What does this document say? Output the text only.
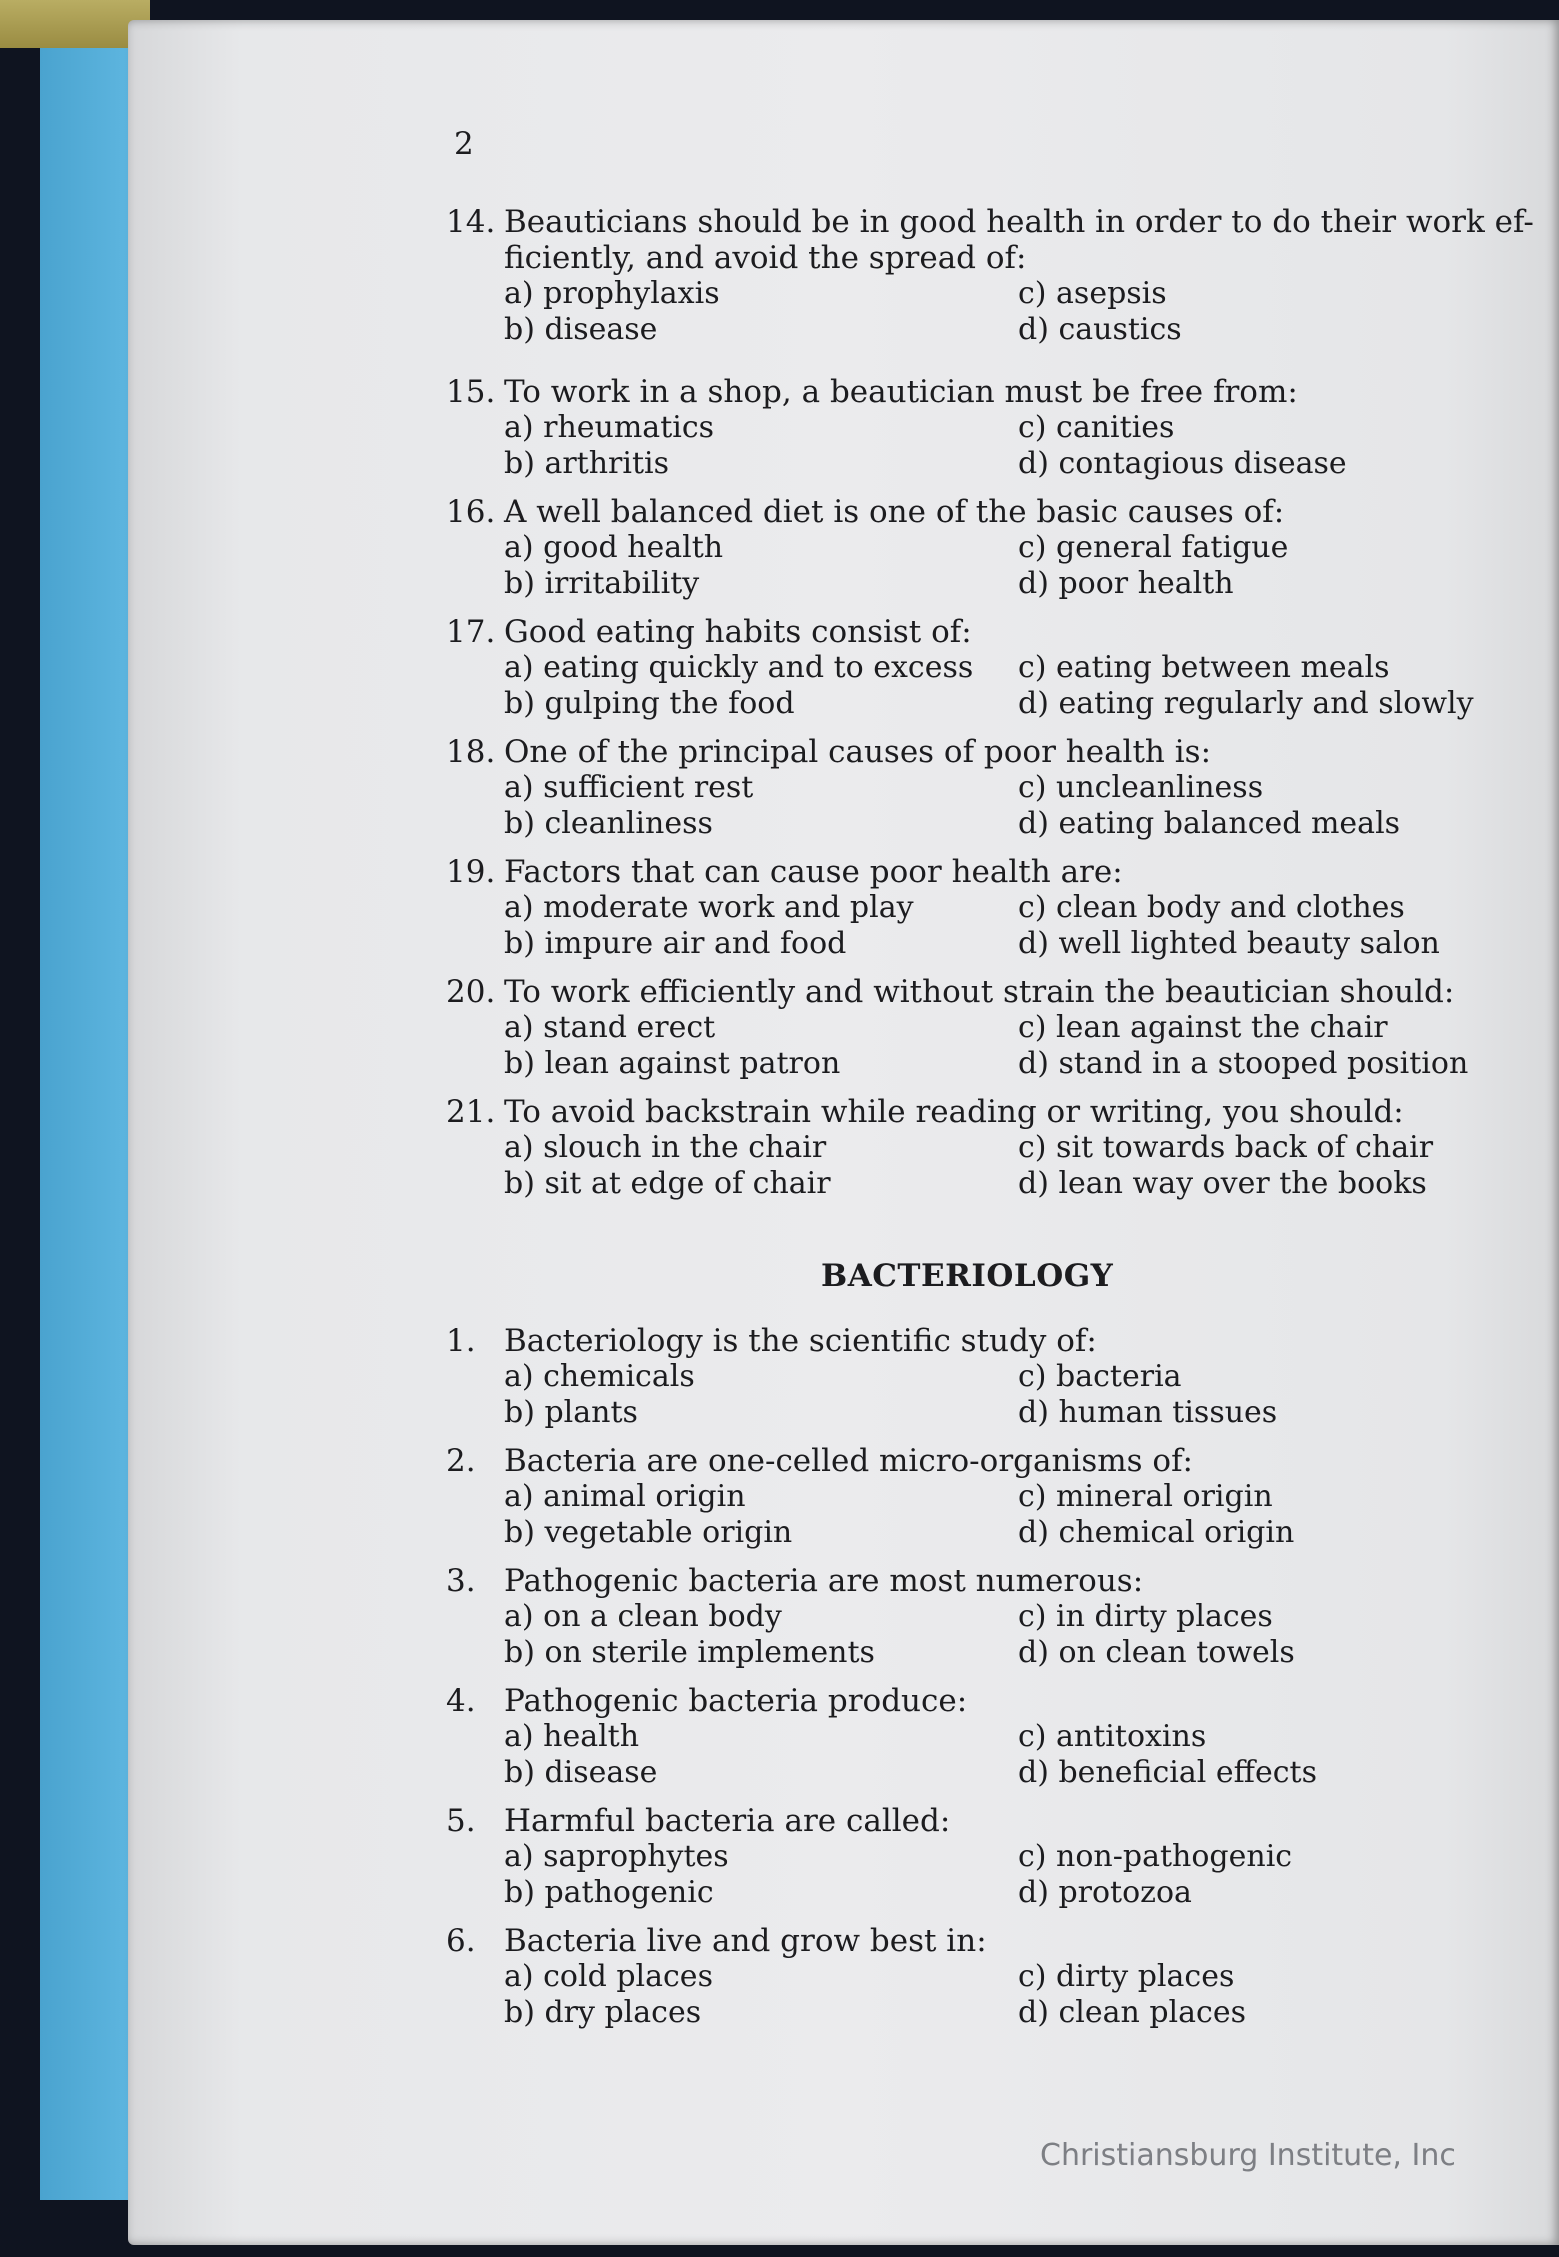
2
14. Beauticians should be in good health in order to do their work ef-
ficiently, and avoid the spread of:
a) prophylaxis
b) disease
c) asepsis
d) caustics
15. To work in a shop, a beautician must be free from:
a) rheumatics
b) arthritis
c) canities
d) contagious disease
16. A well balanced diet is one of the basic causes of:
a) good health
b) irritability
c) general fatigue
d) poor health
17. Good eating habits consist of:
a) eating quickly and to excess
b) gulping the food
c) eating between meals
d) eating regularly and slowly
18. One of the principal causes of poor health is:
a) sufficient rest
b) cleanliness
c) uncleanliness
d) eating balanced meals
19. Factors that can cause poor health are:
a) moderate work and play
b) impure air and food
c) clean body and clothes
d) well lighted beauty salon
20. To work efficiently and without strain the beautician should:
a) stand erect
b) lean against patron
c) lean against the chair
d) stand in a stooped position
21. To avoid backstrain while reading or writing, you should:
a) slouch in the chair
b) sit at edge of chair
c) sit towards back of chair
d) lean way over the books
BACTERIOLOGY
1. Bacteriology is the scientific study of:
a) chemicals
b) plants
c) bacteria
d) human tissues
2. Bacteria are one-celled micro-organisms of:
a) animal origin
b) vegetable origin
c) mineral origin
d) chemical origin
3. Pathogenic bacteria are most numerous:
a) on a clean body
b) on sterile implements
c) in dirty places
d) on clean towels
4. Pathogenic bacteria produce:
a) health
b) disease
c) antitoxins
d) beneficial effects
5. Harmful bacteria are called:
a) saprophytes
b) pathogenic
c) non-pathogenic
d) protozoa
6. Bacteria live and grow best in:
a) cold places
b) dry places
c) dirty places
d) clean places
Christiansburg Institute, Inc
